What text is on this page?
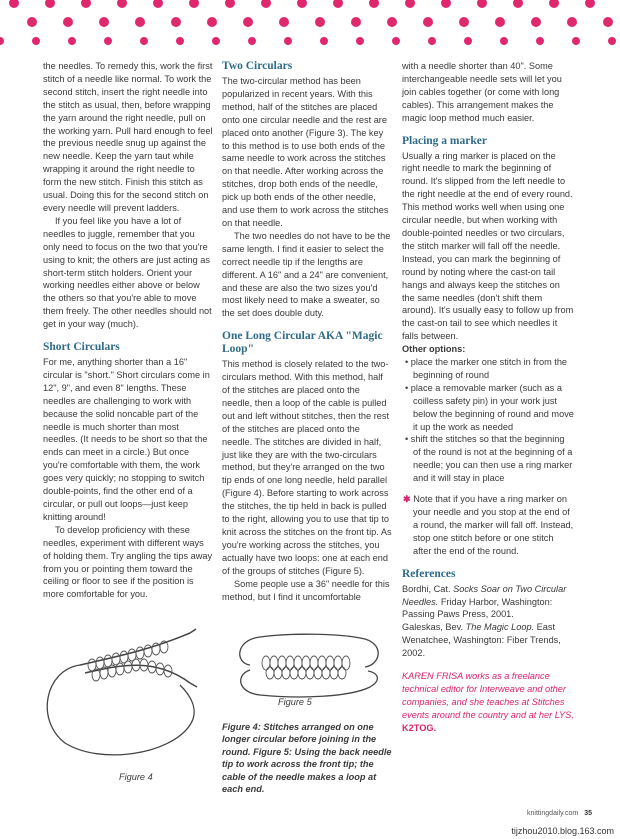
the needles. To remedy this, work the first stitch of a needle like normal. To work the second stitch, insert the right needle into the stitch as usual, then, before wrapping the yarn around the right needle, pull on the working yarn. Pull hard enough to feel the previous needle snug up against the new needle. Keep the yarn taut while wrapping it around the right needle to form the new stitch. Finish this stitch as usual. Doing this for the second stitch on every needle will prevent ladders.

If you feel like you have a lot of needles to juggle, remember that you only need to focus on the two that you're using to knit; the others are just acting as short-term stitch holders. Orient your working needles either above or below the others so that you're able to move them freely. The other needles should not get in your way (much).

Short Circulars

For me, anything shorter than a 16" circular is "short." Short circulars come in 12", 9", and even 8" lengths. These needles are challenging to work with because the solid noncable part of the needle is much shorter than most needles. (It needs to be short so that the ends can meet in a circle.) But once you're comfortable with them, the work goes very quickly; no stopping to switch double-points, find the other end of a circular, or pull out loops—just keep knitting around!

To develop proficiency with these needles, experiment with different ways of holding them. Try angling the tips away from you or pointing them toward the ceiling or floor to see if the position is more comfortable for you.

Figure 4
Two Circulars

The two-circular method has been popularized in recent years. With this method, half of the stitches are placed onto one circular needle and the rest are placed onto another (Figure 3). The key to this method is to use both ends of the same needle to work across the stitches on that needle. After working across the stitches, drop both ends of the needle, pick up both ends of the other needle, and use them to work across the stitches on that needle.

The two needles do not have to be the same length. I find it easier to select the correct needle tip if the lengths are different. A 16" and a 24" are convenient, and these are also the two sizes you'd most likely need to make a sweater, so the set does double duty.

One Long Circular AKA "Magic Loop"

This method is closely related to the two-circulars method. With this method, half of the stitches are placed onto the needle, then a loop of the cable is pulled out and left without stitches, then the rest of the stitches are placed onto the needle. The stitches are divided in half, just like they are with the two-circulars method, but they're arranged on the two tip ends of one long needle, held parallel (Figure 4). Before starting to work across the stitches, the tip held in back is pulled to the right, allowing you to use that tip to knit across the stitches on the front tip. As you're working across the stitches, you actually have two loops: one at each end of the groups of stitches (Figure 5).

Some people use a 36" needle for this method, but I find it uncomfortable

Figure 5
Figure 4: Stitches arranged on one longer circular before joining in the round. Figure 5: Using the back needle tip to work across the front tip; the cable of the needle makes a loop at each end.

with a needle shorter than 40". Some interchangeable needle sets will let you join cables together (or come with long cables). This arrangement makes the magic loop method much easier.

Placing a marker

Usually a ring marker is placed on the right needle to mark the beginning of round. It's slipped from the left needle to the right needle at the end of every round. This method works well when using one circular needle, but when working with double-pointed needles or two circulars, the stitch marker will fall off the needle. Instead, you can mark the beginning of round by noting where the cast-on tail hangs and always keep the stitches on the same needles (don't shift them around). It's usually easy to follow up from the cast-on tail to see which needles it falls between.

Other options:

• place the marker one stitch in from the beginning of round

• place a removable marker (such as a coilless safety pin) in your work just below the beginning of round and move it up the work as needed

• shift the stitches so that the beginning of the round is not at the beginning of a needle; you can then use a ring marker and it will stay in place

✱ Note that if you have a ring marker on your needle and you stop at the end of a round, the marker will fall off. Instead, stop one stitch before or one stitch after the end of the round.

References

Bordhi, Cat. Socks Soar on Two Circular Needles. Friday Harbor, Washington: Passing Paws Press, 2001.

Galeskas, Bev. The Magic Loop. East Wenatchee, Washington: Fiber Trends, 2002.

KAREN FRISA works as a freelance technical editor for Interweave and other companies, and she teaches at Stitches events around the country and at her LYS, K2TOG.

knittingdaily.com 35
tijzhou2010.blog.163.com
